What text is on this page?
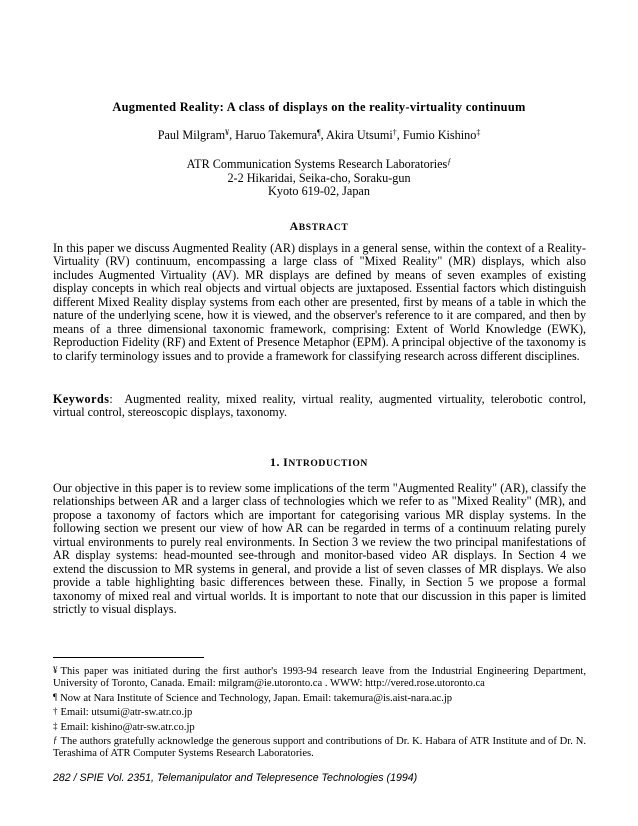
Augmented Reality: A class of displays on the reality-virtuality continuum
Paul Milgram¥, Haruo Takemura¶, Akira Utsumi†, Fumio Kishino‡
ATR Communication Systems Research Laboratories$^ƒ$
2-2 Hikaridai, Seika-cho, Soraku-gun
Kyoto 619-02, Japan
ABSTRACT
In this paper we discuss Augmented Reality (AR) displays in a general sense, within the context of a Reality-Virtuality (RV) continuum, encompassing a large class of "Mixed Reality" (MR) displays, which also includes Augmented Virtuality (AV). MR displays are defined by means of seven examples of existing display concepts in which real objects and virtual objects are juxtaposed. Essential factors which distinguish different Mixed Reality display systems from each other are presented, first by means of a table in which the nature of the underlying scene, how it is viewed, and the observer's reference to it are compared, and then by means of a three dimensional taxonomic framework, comprising: Extent of World Knowledge (EWK), Reproduction Fidelity (RF) and Extent of Presence Metaphor (EPM). A principal objective of the taxonomy is to clarify terminology issues and to provide a framework for classifying research across different disciplines.
Keywords:  Augmented reality, mixed reality, virtual reality, augmented virtuality, telerobotic control, virtual control, stereoscopic displays, taxonomy.
1. INTRODUCTION
Our objective in this paper is to review some implications of the term "Augmented Reality" (AR), classify the relationships between AR and a larger class of technologies which we refer to as "Mixed Reality" (MR), and propose a taxonomy of factors which are important for categorising various MR display systems. In the following section we present our view of how AR can be regarded in terms of a continuum relating purely virtual environments to purely real environments. In Section 3 we review the two principal manifestations of AR display systems: head-mounted see-through and monitor-based video AR displays. In Section 4 we extend the discussion to MR systems in general, and provide a list of seven classes of MR displays. We also provide a table highlighting basic differences between these. Finally, in Section 5 we propose a formal taxonomy of mixed real and virtual worlds. It is important to note that our discussion in this paper is limited strictly to visual displays.
¥ This paper was initiated during the first author's 1993-94 research leave from the Industrial Engineering Department, University of Toronto, Canada. Email: milgram@ie.utoronto.ca . WWW: http://vered.rose.utoronto.ca
¶ Now at Nara Institute of Science and Technology, Japan. Email: takemura@is.aist-nara.ac.jp
† Email: utsumi@atr-sw.atr.co.jp
‡ Email: kishino@atr-sw.atr.co.jp
ƒ The authors gratefully acknowledge the generous support and contributions of Dr. K. Habara of ATR Institute and of Dr. N. Terashima of ATR Computer Systems Research Laboratories.
282 / SPIE Vol. 2351, Telemanipulator and Telepresence Technologies (1994)
